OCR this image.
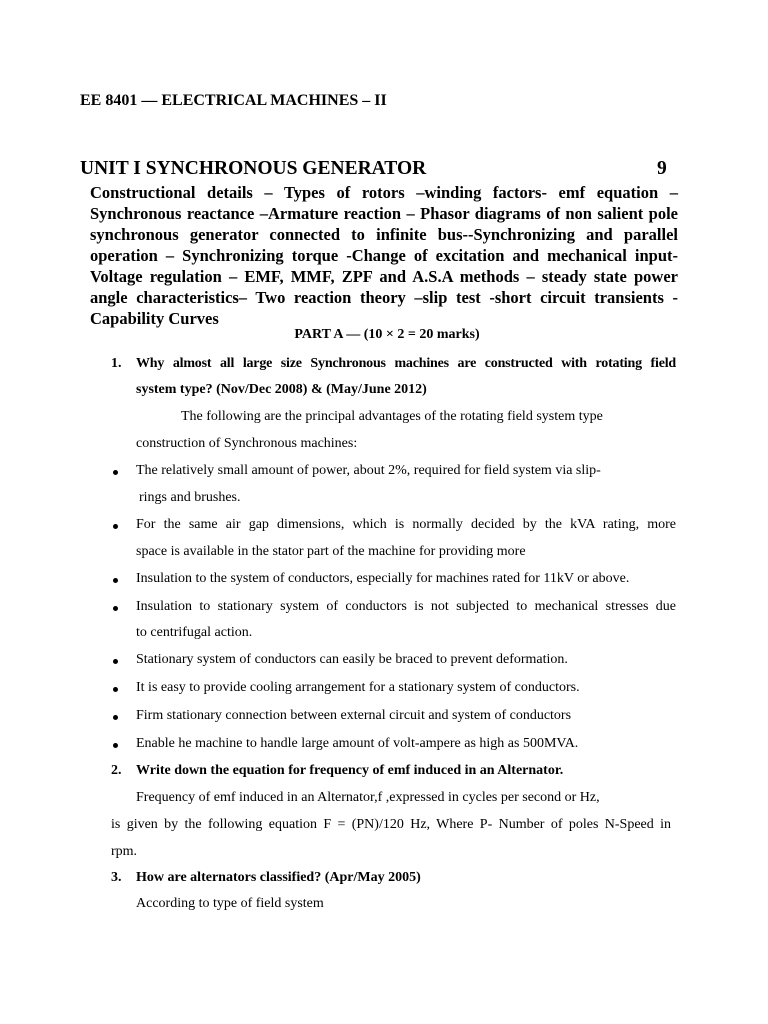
EE 8401 — ELECTRICAL MACHINES – II
UNIT I SYNCHRONOUS GENERATOR	9
Constructional details – Types of rotors –winding factors- emf equation –
Synchronous reactance –Armature reaction – Phasor diagrams of non salient pole
synchronous generator connected to infinite bus--Synchronizing and parallel
operation – Synchronizing torque -Change of excitation and mechanical input-
Voltage regulation – EMF, MMF, ZPF and A.S.A methods – steady state power
angle characteristics– Two reaction theory –slip test -short circuit transients -
Capability Curves
PART A — (10 × 2 = 20 marks)
1. Why almost all large size Synchronous machines are constructed with rotating field
system type? (Nov/Dec 2008) & (May/June 2012)
The following are the principal advantages of the rotating field system type
construction of Synchronous machines:
The relatively small amount of power, about 2%, required for field system via slip-
rings and brushes.
For the same air gap dimensions, which is normally decided by the kVA rating, more
space is available in the stator part of the machine for providing more
Insulation to the system of conductors, especially for machines rated for 11kV or above.
Insulation to stationary system of conductors is not subjected to mechanical stresses due
to centrifugal action.
Stationary system of conductors can easily be braced to prevent deformation.
It is easy to provide cooling arrangement for a stationary system of conductors.
Firm stationary connection between external circuit and system of conductors
Enable he machine to handle large amount of volt-ampere as high as 500MVA.
2. Write down the equation for frequency of emf induced in an Alternator.
Frequency of emf induced in an Alternator,f ,expressed in cycles per second or Hz,
is given by the following equation F = (PN)/120 Hz, Where P- Number of poles N-Speed in
rpm.
3. How are alternators classified? (Apr/May 2005)
According to type of field system
